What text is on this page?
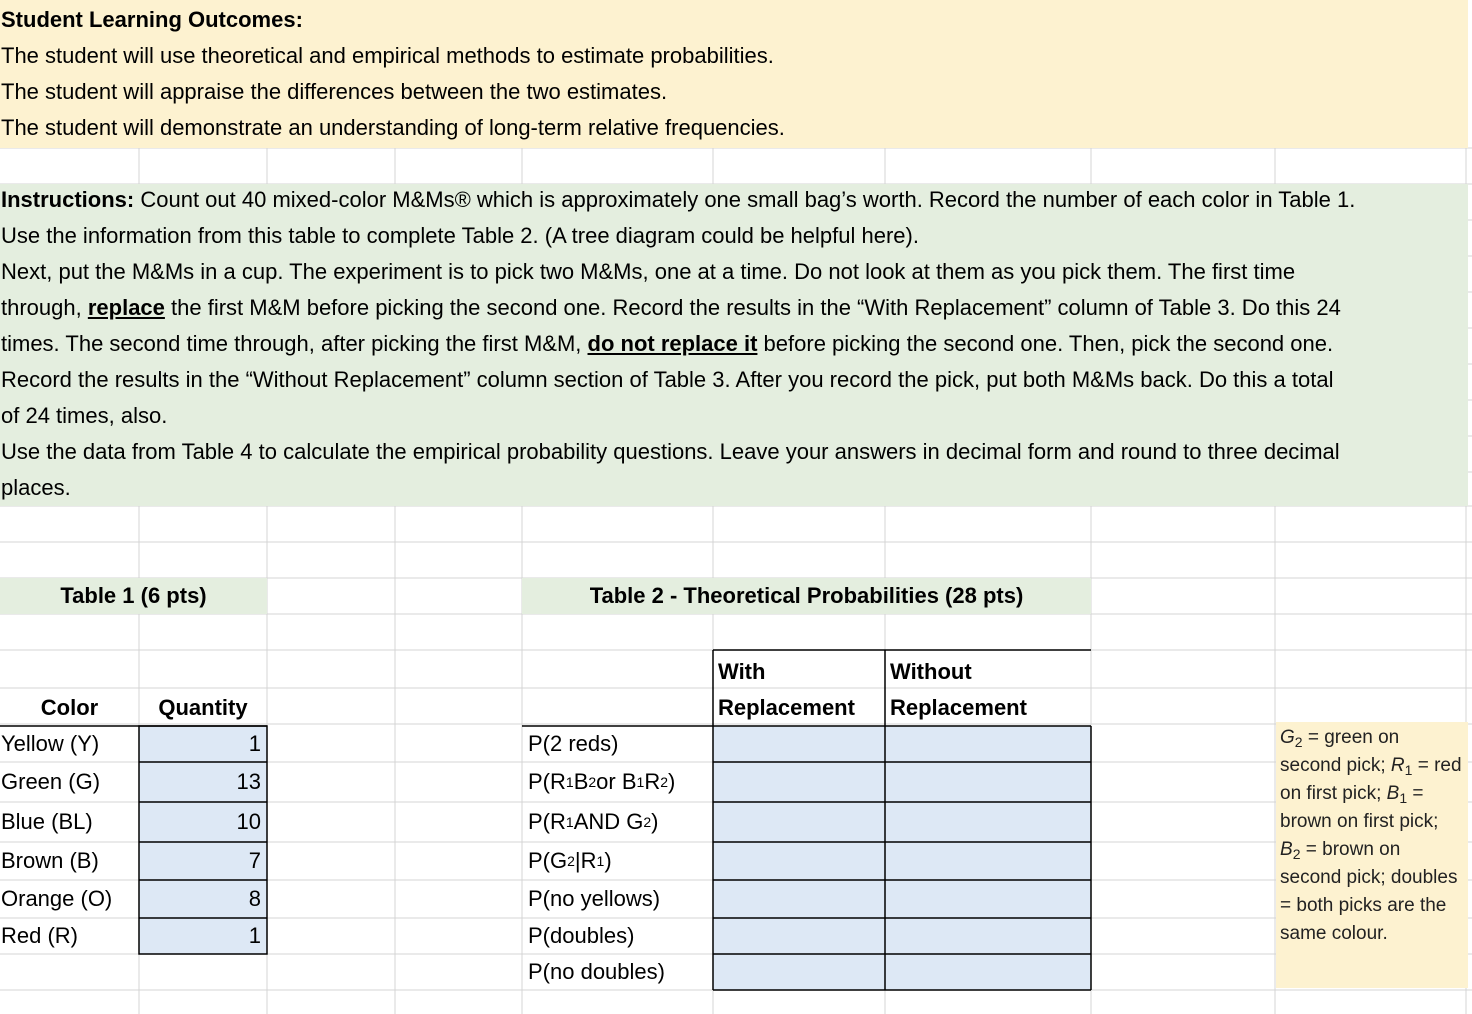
Student Learning Outcomes:
The student will use theoretical and empirical methods to estimate probabilities.
The student will appraise the differences between the two estimates.
The student will demonstrate an understanding of long-term relative frequencies.
Instructions: Count out 40 mixed-color M&Ms® which is approximately one small bag’s worth. Record the number of each color in Table 1.
Use the information from this table to complete Table 2. (A tree diagram could be helpful here).
Next, put the M&Ms in a cup. The experiment is to pick two M&Ms, one at a time. Do not look at them as you pick them. The first time
through, replace the first M&M before picking the second one. Record the results in the “With Replacement” column of Table 3. Do this 24
times. The second time through, after picking the first M&M, do not replace it before picking the second one. Then, pick the second one.
Record the results in the “Without Replacement” column section of Table 3. After you record the pick, put both M&Ms back. Do this a total
of 24 times, also.
Use the data from Table 4 to calculate the empirical probability questions. Leave your answers in decimal form and round to three decimal
places.
Table 1 (6 pts)	Table 2 - Theoretical Probabilities (28 pts)
Color	Quantity
Yellow (Y)
Green (G)
Blue (BL)
Brown (B)
Orange (O)
Red (R)
1
13
10
7
8
1
With
Replacement
Without
Replacement
P(2 reds)
P(R 1 B 2 or B 1 R 2 )
P(R 1 AND G 2 )
P(G 2 |R 1 )
P(no yellows)
P(doubles)
P(no doubles)
$G_2$ = green on second pick; $R_1$ = red on first pick; $B_1$ = brown on first pick; $B_2$ = brown on second pick; doubles = both picks are the same colour.
